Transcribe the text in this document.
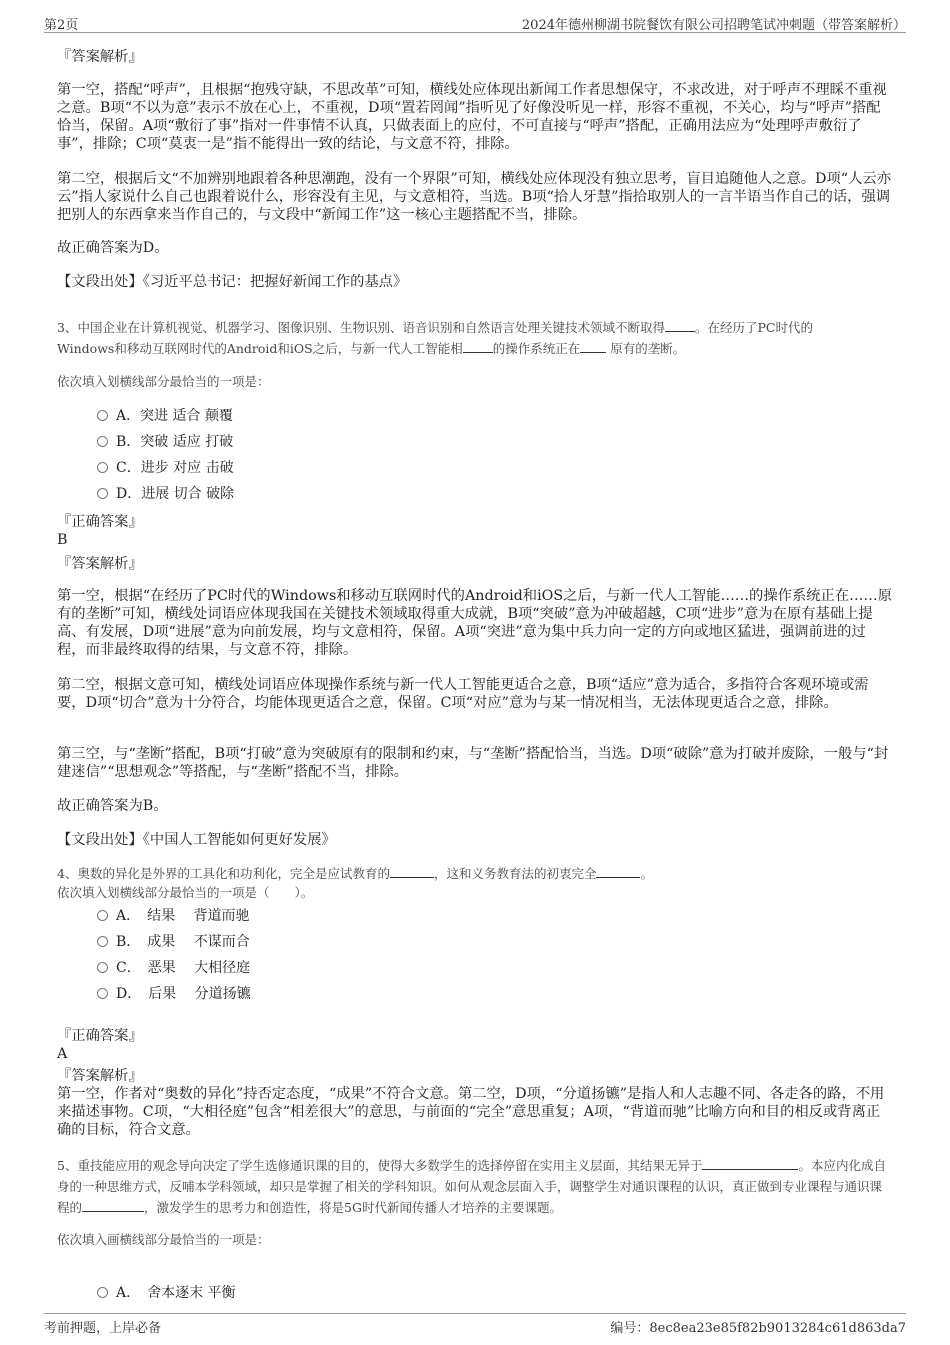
第2页	2024年德州柳湖书院餐饮有限公司招聘笔试冲刺题（带答案解析）
『答案解析』

第一空，搭配“呼声”，且根据“抱残守缺，不思改革”可知，横线处应体现出新闻工作者思想保守，不求改进，对于呼声不理睬不重视之意。B项“不以为意”表示不放在心上，不重视，D项“置若罔闻”指听见了好像没听见一样，形容不重视，不关心，均与“呼声”搭配恰当，保留。A项“敷衍了事”指对一件事情不认真，只做表面上的应付，不可直接与“呼声”搭配，正确用法应为“处理呼声敷衍了事”，排除；C项“莫衷一是”指不能得出一致的结论，与文意不符，排除。

第二空，根据后文“不加辨别地跟着各种思潮跑，没有一个界限”可知，横线处应体现没有独立思考，盲目追随他人之意。D项“人云亦云”指人家说什么自己也跟着说什么，形容没有主见，与文意相符，当选。B项“拾人牙慧”指拾取别人的一言半语当作自己的话，强调把别人的东西拿来当作自己的，与文段中“新闻工作”这一核心主题搭配不当，排除。

故正确答案为D。
【文段出处】《习近平总书记：把握好新闻工作的基点》

3、中国企业在计算机视觉、机器学习、图像识别、生物识别、语音识别和自然语言处理关键技术领域不断取得 。在经历了PC时代的
Windows和移动互联网时代的Android和iOS之后，与新一代人工智能相 的操作系统正在 原有的垄断。

依次填入划横线部分最恰当的一项是：
A．突进 适合 颠覆
B．突破 适应 打破
C．进步 对应 击破
D．进展 切合 破除
『正确答案』
B
『答案解析』

第一空，根据“在经历了PC时代的Windows和移动互联网时代的Android和iOS之后，与新一代人工智能……的操作系统正在……原有的垄断”可知，横线处词语应体现我国在关键技术领域取得重大成就，B项“突破”意为冲破超越，C项“进步”意为在原有基础上提高、有发展，D项“进展”意为向前发展，均与文意相符，保留。A项“突进”意为集中兵力向一定的方向或地区猛进，强调前进的过程，而非最终取得的结果，与文意不符，排除。

第二空，根据文意可知，横线处词语应体现操作系统与新一代人工智能更适合之意，B项“适应”意为适合，多指符合客观环境或需要，D项“切合”意为十分符合，均能体现更适合之意，保留。C项“对应”意为与某一情况相当，无法体现更适合之意，排除。

第三空，与“垄断”搭配，B项“打破”意为突破原有的限制和约束，与“垄断”搭配恰当，当选。D项“破除”意为打破并废除，一般与“封建迷信”“思想观念”等搭配，与“垄断”搭配不当，排除。

故正确答案为B。
【文段出处】《中国人工智能如何更好发展》

4、奥数的异化是外界的工具化和功利化，完全是应试教育的	，这和义务教育法的初衷完全	。
依次填入划横线部分最恰当的一项是（　　）。

A．　结果　 背道而驰
B．　成果　 不谋而合
C．　恶果　 大相径庭
D．　后果　 分道扬镳
『正确答案』
A
『答案解析』

第一空，作者对“奥数的异化”持否定态度，“成果”不符合文意。第二空，D项，“分道扬镳”是指人和人志趣不同、各走各的路，不用来描述事物。C项，“大相径庭”包含“相差很大”的意思，与前面的“完全”意思重复；A项，“背道而驰”比喻方向和目的相反或背离正确的目标，符合文意。

5、重技能应用的观念导向决定了学生选修通识课的目的，使得大多数学生的选择停留在实用主义层面，其结果无异于	。本应内化成自身的一种思维方式，反哺本学科领域，却只是掌握了相关的学科知识。如何从观念层面入手，调整学生对通识课程的认识，真正做到专业课程与通识课程的	，激发学生的思考力和创造性，将是5G时代新闻传播人才培养的主要课题。

依次填入画横线部分最恰当的一项是：
A．　舍本逐末 平衡
考前押题，上岸必备	编号：8ec8ea23e85f82b9013284c61d863da7
